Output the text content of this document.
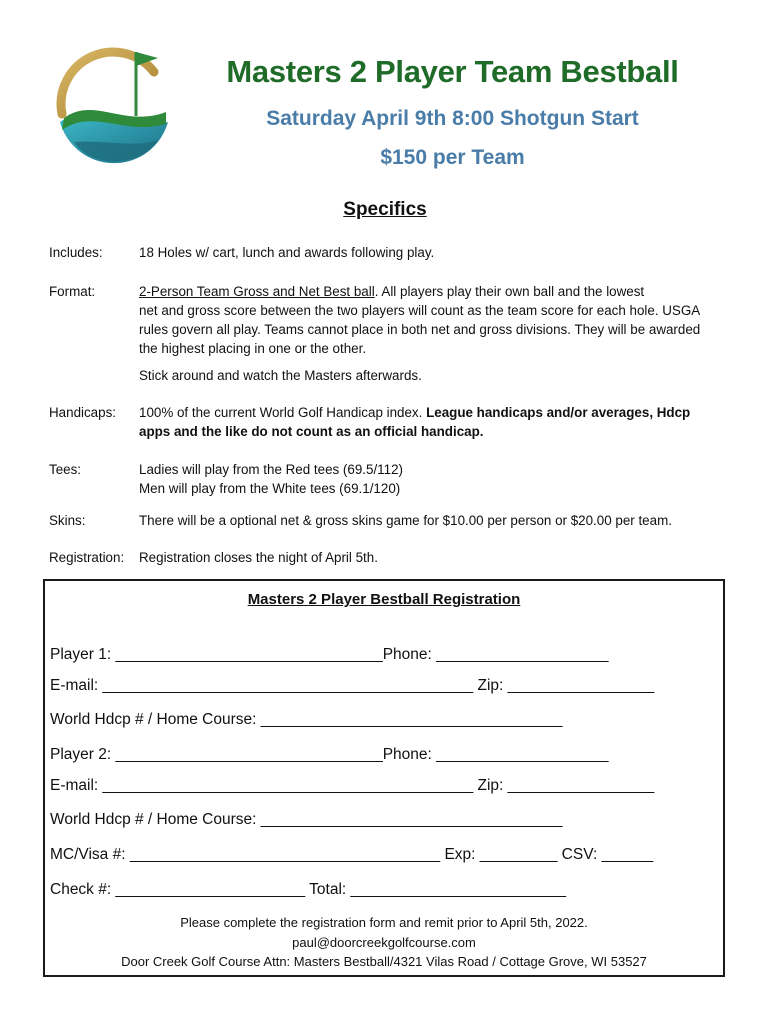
Masters 2 Player Team Bestball
Saturday April 9th 8:00 Shotgun Start
$150 per Team
Specifics
Includes:	18 Holes w/ cart, lunch and awards following play.
Format:	2-Person Team Gross and Net Best ball. All players play their own ball and the lowest

net and gross score between the two players will count as the team score for each hole. USGA

rules govern all play. Teams cannot place in both net and gross divisions. They will be awarded

the highest placing in one or the other.

Stick around and watch the Masters afterwards.

Handicaps:	100% of the current World Golf Handicap index. League handicaps and/or averages, Hdcp

apps and the like do not count as an official handicap.

Tees:	Ladies will play from the Red tees (69.5/112)

Men will play from the White tees (69.1/120)

Skins:	There will be a optional net & gross skins game for $10.00 per person or $20.00 per team.
Registration:	Registration closes the night of April 5th.
Masters 2 Player Bestball Registration
Player 1: _______________________________Phone: ____________________
E-mail: ___________________________________________ Zip: _________________
World Hdcp # / Home Course: ___________________________________
Player 2: _______________________________Phone: ____________________
E-mail: ___________________________________________ Zip: _________________
World Hdcp # / Home Course: ___________________________________
MC/Visa #: ____________________________________ Exp: _________ CSV: ______
Check #: ______________________ Total: _________________________
Please complete the registration form and remit prior to April 5th, 2022.
paul@doorcreekgolfcourse.com
Door Creek Golf Course Attn: Masters Bestball/4321 Vilas Road / Cottage Grove, WI 53527
